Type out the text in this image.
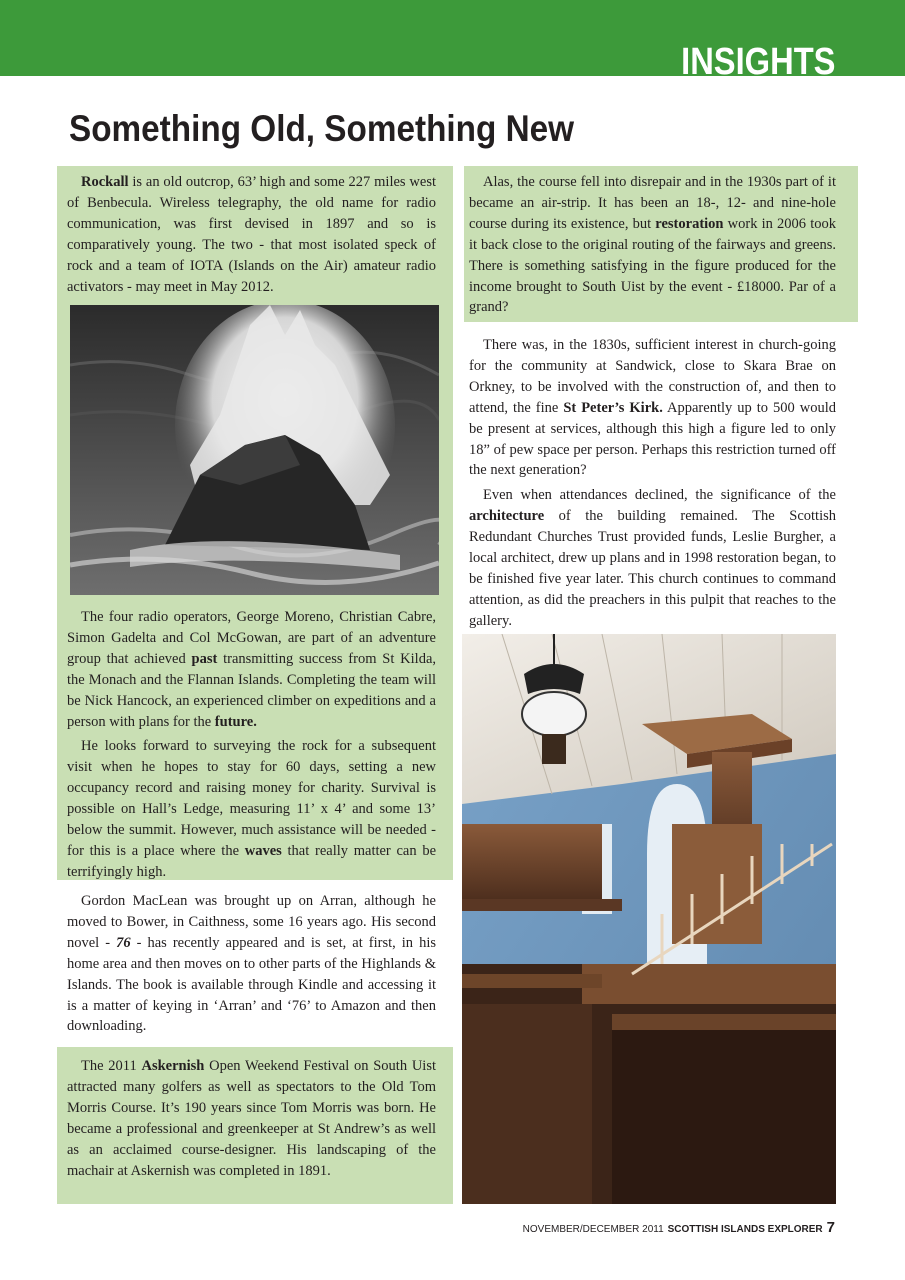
INSIGHTS
Something Old, Something New

Rockall is an old outcrop, 63’ high and some 227 miles west of Benbecula. Wireless telegraphy, the old name for radio communication, was first devised in 1897 and so is comparatively young. The two - that most isolated speck of rock and a team of IOTA (Islands on the Air) amateur radio activators - may meet in May 2012.

The four radio operators, George Moreno, Christian Cabre, Simon Gadelta and Col McGowan, are part of an adventure group that achieved past transmitting success from St Kilda, the Monach and the Flannan Islands. Completing the team will be Nick Hancock, an experienced climber on expeditions and a person with plans for the future.

He looks forward to surveying the rock for a subsequent visit when he hopes to stay for 60 days, setting a new occupancy record and raising money for charity. Survival is possible on Hall’s Ledge, measuring 11’ x 4’ and some 13’ below the summit. However, much assistance will be needed - for this is a place where the waves that really matter can be terrifyingly high.

Gordon MacLean was brought up on Arran, although he moved to Bower, in Caithness, some 16 years ago. His second novel - 76 - has recently appeared and is set, at first, in his home area and then moves on to other parts of the Highlands & Islands. The book is available through Kindle and accessing it is a matter of keying in ‘Arran’ and ‘76’ to Amazon and then downloading.

The 2011 Askernish Open Weekend Festival on South Uist attracted many golfers as well as spectators to the Old Tom Morris Course. It’s 190 years since Tom Morris was born. He became a professional and greenkeeper at St Andrew’s as well as an acclaimed course-designer. His landscaping of the machair at Askernish was completed in 1891.

Alas, the course fell into disrepair and in the 1930s part of it became an air-strip. It has been an 18-, 12- and nine-hole course during its existence, but restoration work in 2006 took it back close to the original routing of the fairways and greens. There is something satisfying in the figure produced for the income brought to South Uist by the event - £18000. Par of a grand?

There was, in the 1830s, sufficient interest in church-going for the community at Sandwick, close to Skara Brae on Orkney, to be involved with the construction of, and then to attend, the fine St Peter’s Kirk. Apparently up to 500 would be present at services, although this high a figure led to only 18” of pew space per person. Perhaps this restriction turned off the next generation?

Even when attendances declined, the significance of the architecture of the building remained. The Scottish Redundant Churches Trust provided funds, Leslie Burgher, a local architect, drew up plans and in 1998 restoration began, to be finished five year later. This church continues to command attention, as did the preachers in this pulpit that reaches to the gallery.

NOVEMBER/DECEMBER 2011 SCOTTISH ISLANDS EXPLORER 7
